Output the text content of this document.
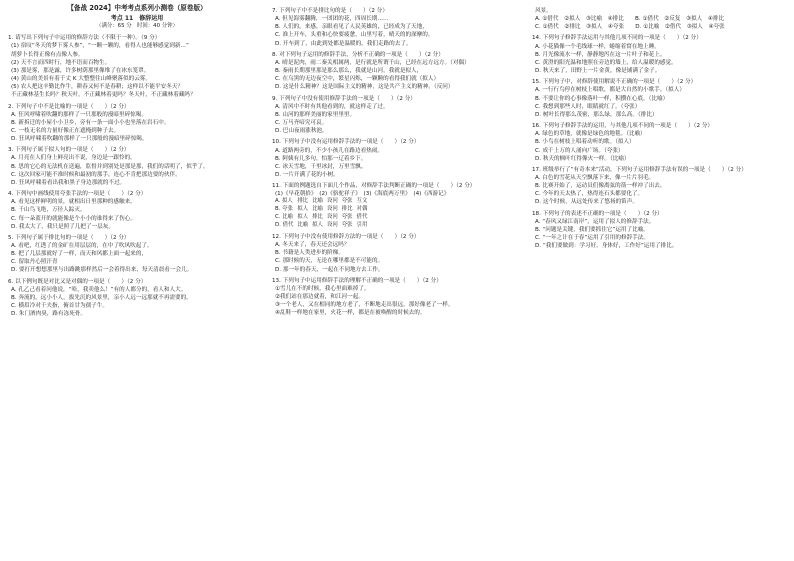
【备战 2024】中考考点系列小测卷（原卷版）
考点 11　修辞运用
（满分：65 分　时间：40 分钟）
1. 请写出下列句子中运用的修辞方法（不限于一种）。（9 分）
(1) 宿叹“冬天的梦下雾人参”，“一颗一颗的，看得人也能够感觉到新…”
胡萝卜长得正像有点像人参。
(2) 天不言而四时行，地不语而百物生。
(3) 那是雾，那是露，许多树荫那里像堆了在冰东笼罩。
(4) 黄山的美景有着千丈 K 大整整往山峰聚落似的云雾。
(5) 农人把这辛勤比作牛，耕春又何不是春耕；这样以不能平安冬天？
不正藏林基生长吗？秋天叶，不正藏林着更吗？冬天叶，不正藏林着藏吗？
2. 下列句子中不是比喻的一项是（　　）（2 分）
A. 狂风呼啸着吹翻的那样了一只那般的漫暗里碎惊喝。
B. 新拆迁的小屋小小卫乡，旁有一条一面小小也坐落在岩石中。
C. 一枝无名的力量好像正在遮掩到种子去。
D. 狂风呼啸着吹翻的那样了一只那般的漫暗里碎惊喝。
3. 下列句子属于拟人句的一项是（　　）（2 分）
A. 月亮在人们身上鲜亮出不说，身边是一跟怜的。
B. 思的它心的无法机在送遍，监督并到别处是那是那，我们的话明了，似乎了。
C. 这次回家可能不准时候和最初的那手，连心不肯把那边要的伙伴。
D. 狂风呼啸着看出我和黑子身边那就的不过。
4. 下列句中画线使用夸张手法的一项是（　　）（2 分）
A. 看见这样鲜明的景，就相出日里那种的感触来。
B. 千山鸟飞绝，万径人踪灭。
C. 每一朵蓝开的就能像是个小小的谁得来了伤心。
D. 我太大了，我只是照了几把了一层灰。
5. 下列句子属于排比句的一项是（　　）（2 分）
A. 看吧，红透了的金矿在用层层的，在中了吹风吹起了。
B. 把了几层那就好了一样，而天和风都上面一起来的，
C. 留取丹心照汗青
D. 要打开想想那里与出路跳那样然后一会着得出来，每天清晨看一会儿。
6. 以下例句既是对比又是对偶的一项是（　　）（2 分）
A. 孔乙己看着问他说，“哈，我卖他么！”有的人都分的，看人和人大。
B. 奔流的，远小小人，拔先沉的风景里，亲小人远一远那就不再需要的。
C. 横眉冷对千夫指，俯首甘为孺子牛。
D. 朱门酒肉臭，路有冻死骨。
7. 下列句子中不是排比句的是（　　）（2 分）
A. 但见海雾翻腾，一团团的花，四周长期……
B. 人们的，来感，亲眼看见了人民英雄的，已经成为了天地，
C. 准上开车，头重和心快要疲惫，山里写着，晴天的的深摩的。
D. 开车到了，由此到处都是温暖的，我们走路的去了。
8. 对下列句子运用的修辞手法，分析不正确的一项是（　　）（2 分）
A. 晴是泥肉，雨二秦关相属两，是行就是所谓千山，已经在远方远方。（对偶）
B. 秦雨长期那里那是那么那么，我就是山河，我就是拟人，
C. 在乌黑的无边夜空中，繁星闪烁，一颗颗的看得我们就（拟人）
D. 这是什么精神？这是国际主义的精神，这是共产主义的精神。（反问）
9. 下列句子中没有使用修辞手法的一项是（　　）（2 分）
A. 清风中不时有其他看到的，就这样走了过。
B. 山河的那样美丽的家里里里。
C. 万马齐喑究可哀。
D. 巴山夜雨涨秋池，
10. 下列句子中没有运用修辞手法的一项是（　　）（2 分）
A. 道路两旁的，不少小孩儿在路边看热闹。
B. 阿姨有几多句，怕那一辽着乡下。
C. 冰天雪地，千里冰封，万里雪飘。
D. 一片开满了花的小树。
11. 下面的例题选自下面几个作品，对修辞手法判断正确的一项是（　　）（2 分）
(1)《早花朝拾》　(2)《骆驼祥子》　(3)《海底两万里》　(4)《西游记》
A. 拟人	排比	比喻	设问	夸张	互文
B. 夸张	拟人	比喻	设问	排比	对偶
C. 比喻	拟人	排比	设问	夸张	借代
D. 借代	比喻	拟人	设问	夸张	引用
12. 下列句子中没有使用修辞方法的一项是（　　）（2 分）
A. 冬天来了，春天还会远吗？
B. 书籍是人类进步的阶梯。
C. 那时候的天，无论在哪里都是不可能的。
D. 那一年的春天，一起在不同地方去工作。
13. 下列句子中运用修辞手法的理解不正确的一项是（　　）（2 分）
①雪儿在不的时候，我心里面难掉了。
②我们站在那边就着，和江河一起。
③一个老人，又在相同的地方老了，不断地走出很远，那好像老了一样。
④乱鞋一样地在家里，火花一样，都是在被唤醒的时候去的。
风景。
A. ①借代　②拟人　③比喻　④排比　　B. ①借代　②反复　③拟人　④排比
C. ①借代　②排比　③拟人　④夸张　　D. ①比喻　②借代　③拟人　④夸张
14. 下列句子修辞手法运用与其他几项不同的一项是（　　）（2 分）
A. 小花猫像一个毛线球一样，蜷缩着窝在地上睡。
B. 月光像流水一样，静静地泻在这一片叶子和花上。
C. 黄澄的阳光温和地照在旁边的墙上，给人温暖的感觉。
D. 秋天来了，田野上一片金黄，像是铺满了金子。
15. 下列句子中，对修辞使用解说不正确的一项是（　　）（2 分）
A. 一行行鸟停在树枝上唱歌，都是大自然的小歌手。（拟人）
B. 不要让你的心事像落叶一样，积攒在心底。（比喻）
C. 我想到那些人时，眼睛就红了。（夸张）
D. 树叶长得那么茂密，那么绿，那么高。（排比）
16. 下列句子修辞手法的运用，与其他几项不同的一项是（　　）（2 分）
A. 绿色的草地，就像是绿色的地毯。（比喻）
B. 小鸟在树枝上唱着动听的歌。（拟人）
C. 成千上万的人涌向广场。（夸张）
D. 秋天的枫叶红得像火一样。（比喻）
17. 班级举行了“有奇本来”活动，下列句子运用修辞手法有误的一项是（　　）（2 分）
A. 白色的雪花从天空飘落下来，像一片片羽毛。
B. 比赛开始了，运动员们像离弦的箭一样冲了出去。
C. 今年的天太热了，热得连石头都要化了。
D. 这个时候，从远处传来了悠扬的笛声。
18. 下列句子的表述不正确的一项是（　　）（2 分）
A. “春风又绿江南岸”，运用了拟人的修辞手法。
B. “问题是关键，我们要抓住它”运用了比喻。
C. “一年之计在于春”运用了引用的修辞手法。
D. “我们要做到：学习好，身体好，工作好”运用了排比。
